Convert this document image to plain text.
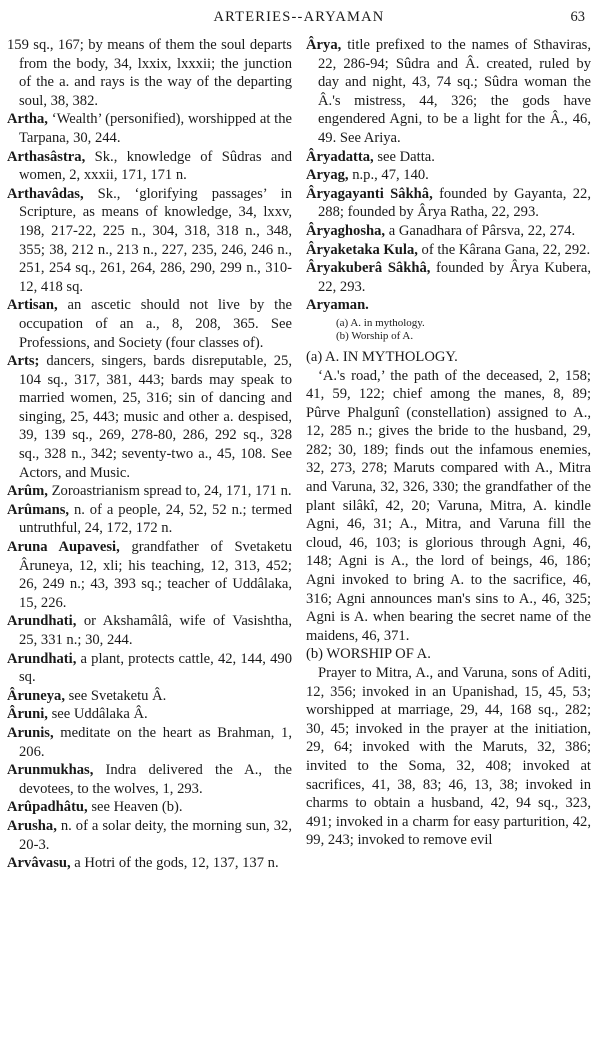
ARTERIES--ARYAMAN	63

159 sq., 167; by means of them the soul departs from the body, 34, lxxix, lxxxii; the junction of the a. and rays is the way of the departing soul, 38, 382.

Artha, ‘Wealth’ (personified), worshipped at the Tarpana, 30, 244.

Arthasâstra, Sk., knowledge of Sûdras and women, 2, xxxii, 171, 171 n.

Arthavâdas, Sk., ‘glorifying passages’ in Scripture, as means of knowledge, 34, lxxv, 198, 217-22, 225 n., 304, 318, 318 n., 348, 355; 38, 212 n., 213 n., 227, 235, 246, 246 n., 251, 254 sq., 261, 264, 286, 290, 299 n., 310-12, 418 sq.

Artisan, an ascetic should not live by the occupation of an a., 8, 208, 365. See Professions, and Society (four classes of).

Arts; dancers, singers, bards disreputable, 25, 104 sq., 317, 381, 443; bards may speak to married women, 25, 316; sin of dancing and singing, 25, 443; music and other a. despised, 39, 139 sq., 269, 278-80, 286, 292 sq., 328 sq., 328 n., 342; seventy-two a., 45, 108. See Actors, and Music.

Arûm, Zoroastrianism spread to, 24, 171, 171 n.

Arûmans, n. of a people, 24, 52, 52 n.; termed untruthful, 24, 172, 172 n.

Aruna Aupavesi, grandfather of Svetaketu Âruneya, 12, xli; his teaching, 12, 313, 452; 26, 249 n.; 43, 393 sq.; teacher of Uddâlaka, 15, 226.

Arundhati, or Akshamâlâ, wife of Vasishtha, 25, 331 n.; 30, 244.

Arundhati, a plant, protects cattle, 42, 144, 490 sq.

Âruneya, see Svetaketu Â.

Âruni, see Uddâlaka Â.

Arunis, meditate on the heart as Brahman, 1, 206.

Arunmukhas, Indra delivered the A., the devotees, to the wolves, 1, 293.

Arûpadhâtu, see Heaven (b).

Arusha, n. of a solar deity, the morning sun, 32, 20-3.

Arvâvasu, a Hotri of the gods, 12, 137, 137 n.

Ârya, title prefixed to the names of Sthaviras, 22, 286-94; Sûdra and Â. created, ruled by day and night, 43, 74 sq.; Sûdra woman the Â.'s mistress, 44, 326; the gods have engendered Agni, to be a light for the Â., 46, 49. See Ariya.

Âryadatta, see Datta.

Aryag, n.p., 47, 140.

Âryagayanti Sâkhâ, founded by Gayanta, 22, 288; founded by Ârya Ratha, 22, 293.

Âryaghosha, a Ganadhara of Pârsva, 22, 274.

Âryaketaka Kula, of the Kârana Gana, 22, 292.

Âryakuberâ Sâkhâ, founded by Ârya Kubera, 22, 293.

Aryaman.

(a) A. in mythology.
(b) Worship of A.

(a) A. IN MYTHOLOGY.

‘A.'s road,’ the path of the deceased, 2, 158; 41, 59, 122; chief among the manes, 8, 89; Pûrve Phalgunî (constellation) assigned to A., 12, 285 n.; gives the bride to the husband, 29, 282; 30, 189; finds out the infamous enemies, 32, 273, 278; Maruts compared with A., Mitra and Varuna, 32, 326, 330; the grandfather of the plant silâkî, 42, 20; Varuna, Mitra, A. kindle Agni, 46, 31; A., Mitra, and Varuna fill the cloud, 46, 103; is glorious through Agni, 46, 148; Agni is A., the lord of beings, 46, 186; Agni invoked to bring A. to the sacrifice, 46, 316; Agni announces man's sins to A., 46, 325; Agni is A. when bearing the secret name of the maidens, 46, 371.

(b) WORSHIP OF A.

Prayer to Mitra, A., and Varuna, sons of Aditi, 12, 356; invoked in an Upanishad, 15, 45, 53; worshipped at marriage, 29, 44, 168 sq., 282; 30, 45; invoked in the prayer at the initiation, 29, 64; invoked with the Maruts, 32, 386; invited to the Soma, 32, 408; invoked at sacrifices, 41, 38, 83; 46, 13, 38; invoked in charms to obtain a husband, 42, 94 sq., 323, 491; invoked in a charm for easy parturition, 42, 99, 243; invoked to remove evil
